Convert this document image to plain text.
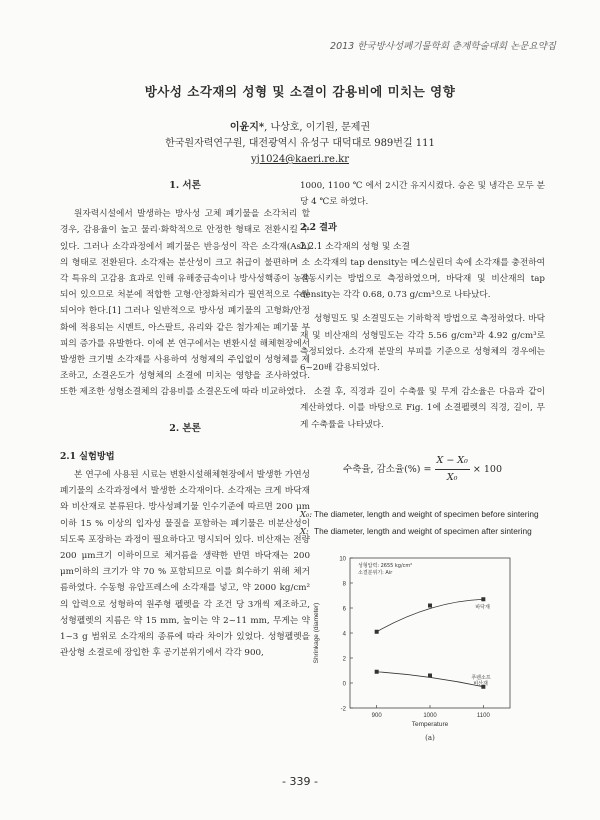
2013 한국방사성폐기물학회 춘계학술대회 논문요약집
방사성 소각재의 성형 및 소결이 감용비에 미치는 영향
이윤지*, 나상호, 이기원, 문제권
한국원자력연구원, 대전광역시 유성구 대덕대로 989번길 111
yj1024@kaeri.re.kr
1. 서론

원자력시설에서 발생하는 방사성 고체 폐기물을 소각처리 할 경우, 감용율이 높고 물리·화학적으로 안정한 형태로 전환시킬 수 있다. 그러나 소각과정에서 폐기물은 반응성이 작은 소각재(Ash)의 형태로 전환된다. 소각재는 분산성이 크고 취급이 불편하며 소각 특유의 고감용 효과로 인해 유해중금속이나 방사성핵종이 농축되어 있으므로 처분에 적합한 고형·안정화처리가 필연적으로 수반되어야 한다.[1] 그러나 일반적으로 방사성 폐기물의 고형화/안정화에 적용되는 시멘트, 아스팔트, 유리와 같은 첨가제는 폐기물 부피의 증가를 유발한다. 이에 본 연구에서는 변환시설 해체현장에서 발생한 크기별 소각재를 사용하여 성형제의 주입없이 성형체를 제조하고, 소결온도가 성형체의 소결에 미치는 영향을 조사하였다. 또한 제조한 성형소결체의 감용비를 소결온도에 따라 비교하였다.

2. 본론
2.1 실험방법

본 연구에 사용된 시료는 변환시설해체현장에서 발생한 가연성폐기물의 소각과정에서 발생한 소각재이다. 소각재는 크게 바닥재와 비산재로 분류된다. 방사성폐기물 인수기준에 따르면 200 μm이하 15 % 이상의 입자성 물질을 포함하는 폐기물은 비분산성이 되도록 포장하는 과정이 필요하다고 명시되어 있다. 비산재는 전량 200 μm크기 이하이므로 체거름을 생략한 반면 바닥재는 200 μm이하의 크기가 약 70 % 포함되므로 이를 회수하기 위해 체거름하였다. 수동형 유압프레스에 소각재를 넣고, 약 2000 kg/cm²의 압력으로 성형하여 원주형 펠렛을 각 조건 당 3개씩 제조하고, 성형펠렛의 지름은 약 15 mm, 높이는 약 2~11 mm, 무게는 약 1~3 g 범위로 소각재의 종류에 따라 차이가 있었다. 성형펠렛을 관상형 소결로에 장입한 후 공기분위기에서 각각 900,

1000, 1100 ℃ 에서 2시간 유지시켰다. 승온 및 냉각은 모두 분당 4 ℃로 하였다.

2.2 결과
2.2.1 소각재의 성형 및 소결

소각재의 tap density는 메스실린더 속에 소각재를 충전하여 진동시키는 방법으로 측정하였으며, 바닥재 및 비산재의 tap density는 각각 0.68, 0.73 g/cm³으로 나타났다.

성형밀도 및 소결밀도는 기하학적 방법으로 측정하였다. 바닥재 및 비산재의 성형밀도는 각각 5.56 g/cm³과 4.92 g/cm³로 측정되었다. 소각재 분말의 부피를 기준으로 성형체의 경우에는 6~20배 감용되었다.

소결 후, 직경과 길이 수축률 및 무게 감소율은 다음과 같이 계산하였다. 이를 바탕으로 Fig. 1에 소결펠렛의 직경, 길이, 무게 수축률을 나타냈다.

수축율, 감소율(%) = $\frac{\text{X − X₀}}{\text{X₀}} \times 100$
X₀: The diameter, length and weight of specimen before sintering
X: The diameter, length and weight of specimen after sintering
-2
0
2
4
6
8
10
900	1000	1100
Temperature
Shrinkage (diameter)
성형압력: 2655 kg/cm²
소결분위기: Air
바닥재
푸렌소프
비산재
(a)
- 339 -
